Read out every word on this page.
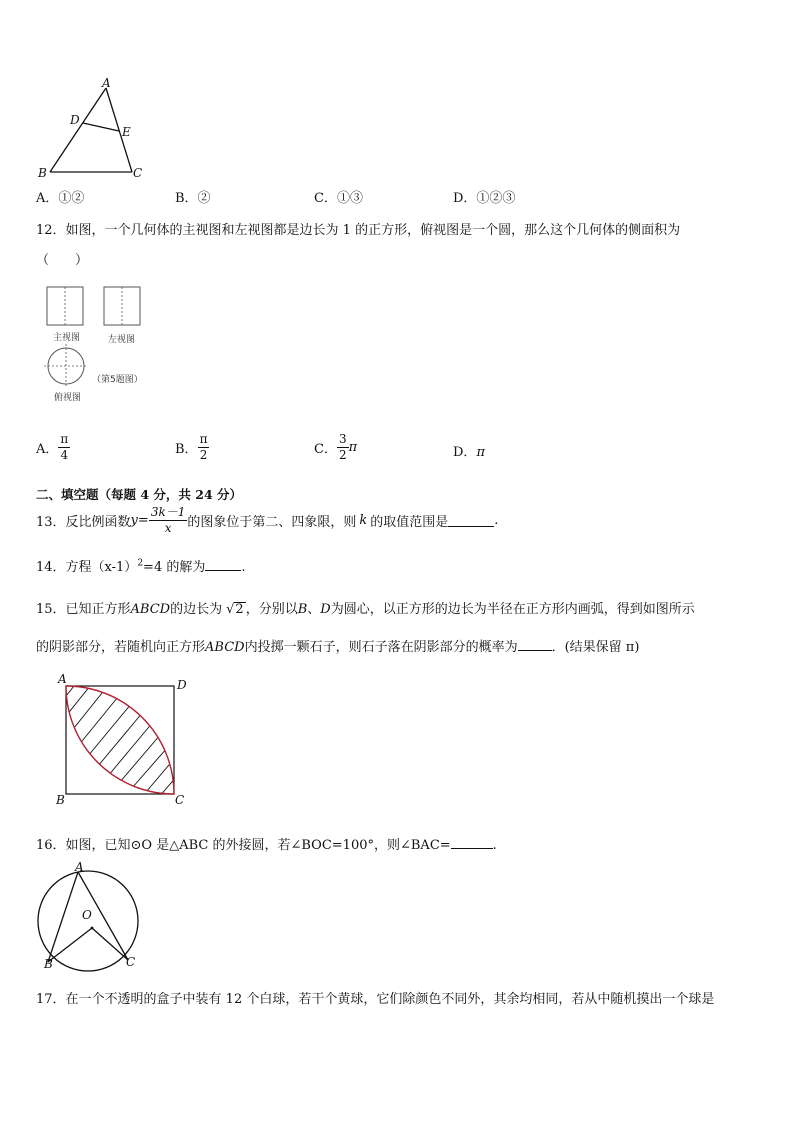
A
D
E
B	C
A．①②	B．②	C．①③	D．①②③
12．如图，一个几何体的主视图和左视图都是边长为 1 的正方形，俯视图是一个圆，那么这个几何体的侧面积为
（　　）
主视图	左视图
（第5题图）
俯视图
A． $\frac{\pi}{4}$	B． $\frac{\pi}{2}$	C． $\frac{3}{2}$ π	D．π
二、填空题（每题 4 分，共 24 分）
13．反比例函数$y= \frac{3k-1}{x}$ 的图象位于第二、四象限，则 k 的取值范围是	.
14．方程$(x-1)^2=4$ 的解为	.
15．已知正方形ABCD的边长为 √2 ，分别以B、D为圆心，以正方形的边长为半径在正方形内画弧，得到如图所示
的阴影部分，若随机向正方形ABCD内投掷一颗石子，则石子落在阴影部分的概率为	．(结果保留 π)
A	D
B	C
16．如图，已知⊙O 是△ABC 的外接圆，若∠BOC=100°，则∠BAC=	.
A
O
B	C
17．在一个不透明的盒子中装有 12 个白球，若干个黄球，它们除颜色不同外，其余均相同，若从中随机摸出一个球是
